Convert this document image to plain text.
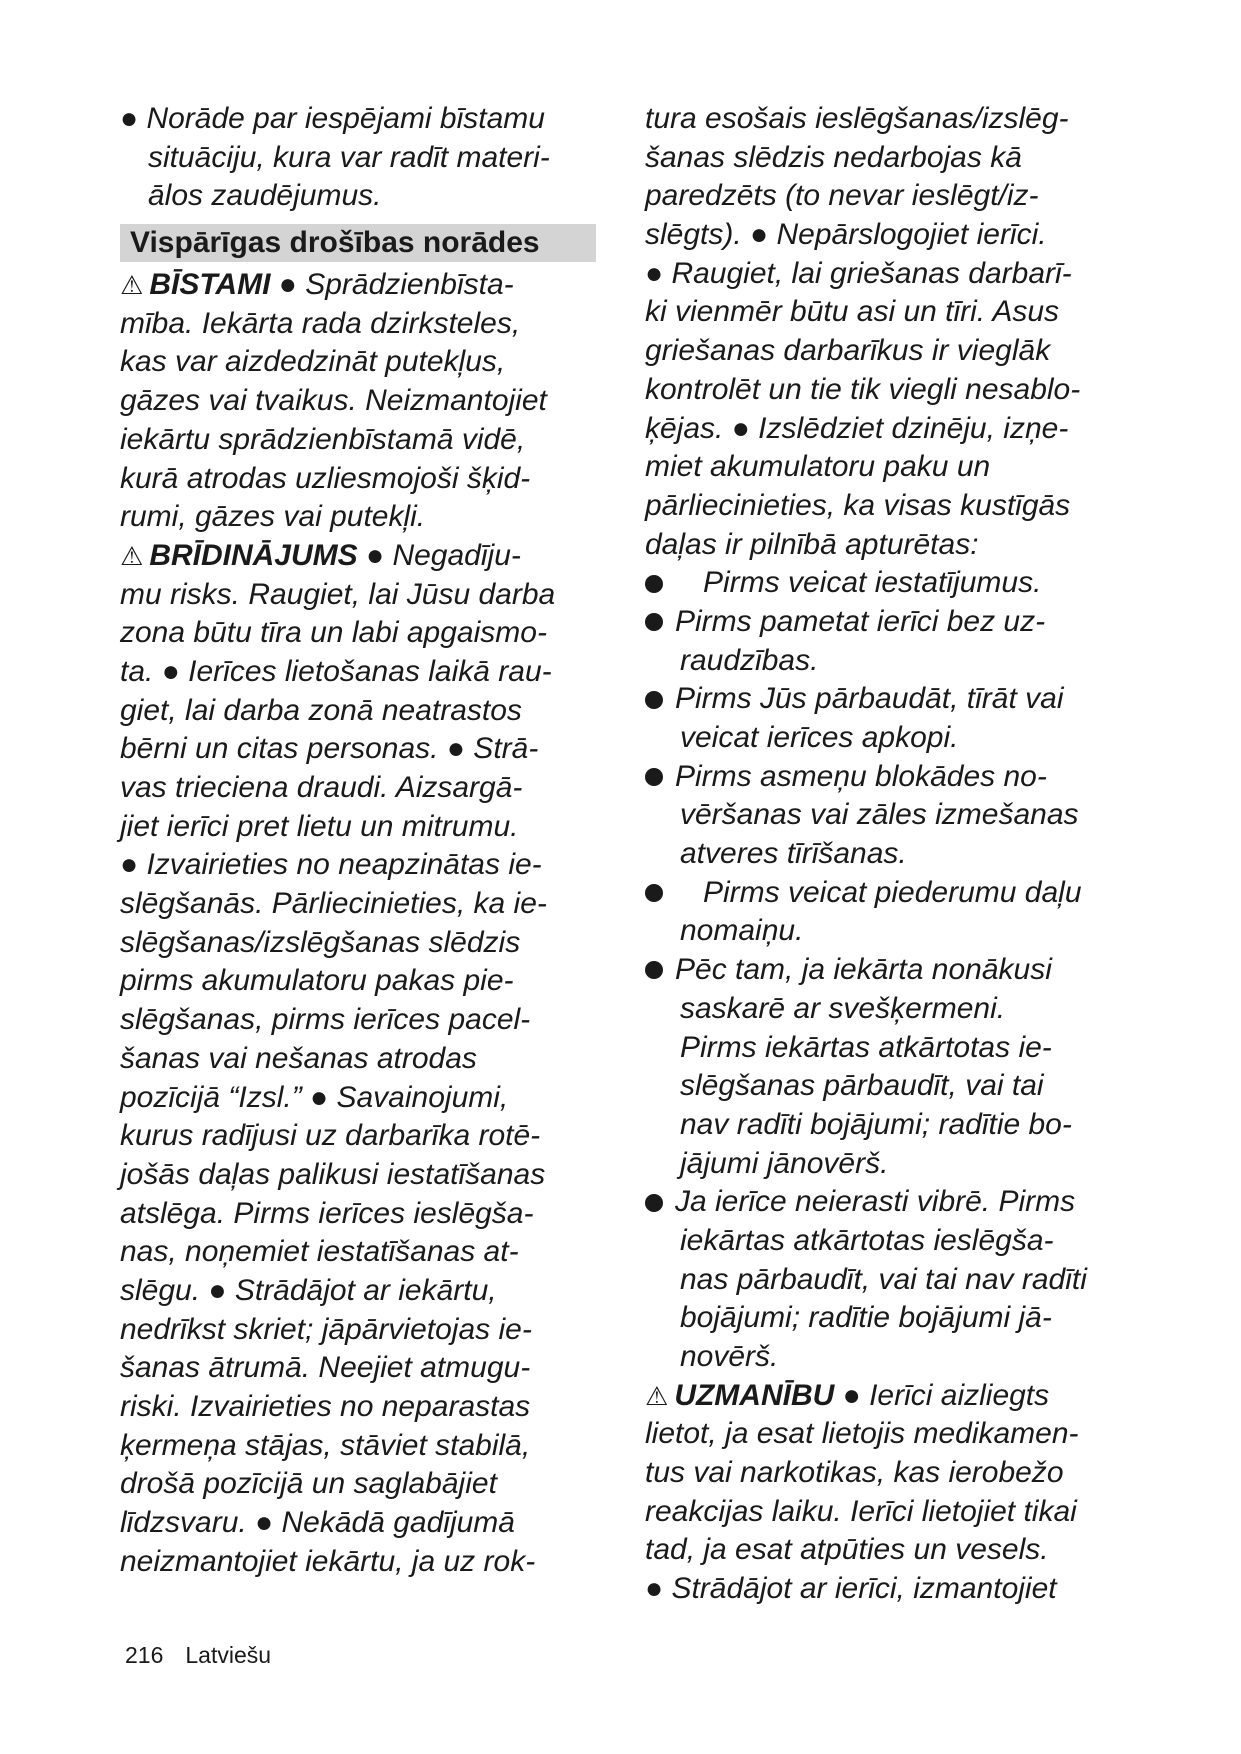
● Norāde par iespējami bīstamu
situāciju, kura var radīt materi-
ālos zaudējumus.
Vispārīgas drošības norādes
⚠ BĪSTAMI ● Sprādzienbīsta-
mība. Iekārta rada dzirksteles,
kas var aizdedzināt putekļus,
gāzes vai tvaikus. Neizmantojiet
iekārtu sprādzienbīstamā vidē,
kurā atrodas uzliesmojoši šķid-
rumi, gāzes vai putekļi.
⚠ BRĪDINĀJUMS ● Negadīju-
mu risks. Raugiet, lai Jūsu darba
zona būtu tīra un labi apgaismo-
ta. ● Ierīces lietošanas laikā rau-
giet, lai darba zonā neatrastos
bērni un citas personas. ● Strā-
vas trieciena draudi. Aizsargā-
jiet ierīci pret lietu un mitrumu.
● Izvairieties no neapzinātas ie-
slēgšanās. Pārliecinieties, ka ie-
slēgšanas/izslēgšanas slēdzis
pirms akumulatoru pakas pie-
slēgšanas, pirms ierīces pacel-
šanas vai nešanas atrodas
pozīcijā “Izsl.” ● Savainojumi,
kurus radījusi uz darbarīka rotē-
jošās daļas palikusi iestatīšanas
atslēga. Pirms ierīces ieslēgša-
nas, noņemiet iestatīšanas at-
slēgu. ● Strādājot ar iekārtu,
nedrīkst skriet; jāpārvietojas ie-
šanas ātrumā. Neejiet atmugu-
riski. Izvairieties no neparastas
ķermeņa stājas, stāviet stabilā,
drošā pozīcijā un saglabājiet
līdzsvaru. ● Nekādā gadījumā
neizmantojiet iekārtu, ja uz rok-
tura esošais ieslēgšanas/izslēg-
šanas slēdzis nedarbojas kā
paredzēts (to nevar ieslēgt/iz-
slēgts). ● Nepārslogojiet ierīci.
● Raugiet, lai griešanas darbarī-
ki vienmēr būtu asi un tīri. Asus
griešanas darbarīkus ir vieglāk
kontrolēt un tie tik viegli nesablo-
ķējas. ● Izslēdziet dzinēju, izņe-
miet akumulatoru paku un
pārliecinieties, ka visas kustīgās
daļas ir pilnībā apturētas:
Pirms veicat iestatījumus.
Pirms pametat ierīci bez uz-
raudzības.
Pirms Jūs pārbaudāt, tīrāt vai
veicat ierīces apkopi.
Pirms asmeņu blokādes no-
vēršanas vai zāles izmešanas
atveres tīrīšanas.
Pirms veicat piederumu daļu
nomaiņu.
Pēc tam, ja iekārta nonākusi
saskarē ar svešķermeni.
Pirms iekārtas atkārtotas ie-
slēgšanas pārbaudīt, vai tai
nav radīti bojājumi; radītie bo-
jājumi jānovērš.
Ja ierīce neierasti vibrē. Pirms
iekārtas atkārtotas ieslēgša-
nas pārbaudīt, vai tai nav radīti
bojājumi; radītie bojājumi jā-
novērš.
⚠ UZMANĪBU ● Ierīci aizliegts
lietot, ja esat lietojis medikamen-
tus vai narkotikas, kas ierobežo
reakcijas laiku. Ierīci lietojiet tikai
tad, ja esat atpūties un vesels.
● Strādājot ar ierīci, izmantojiet
216 Latviešu
